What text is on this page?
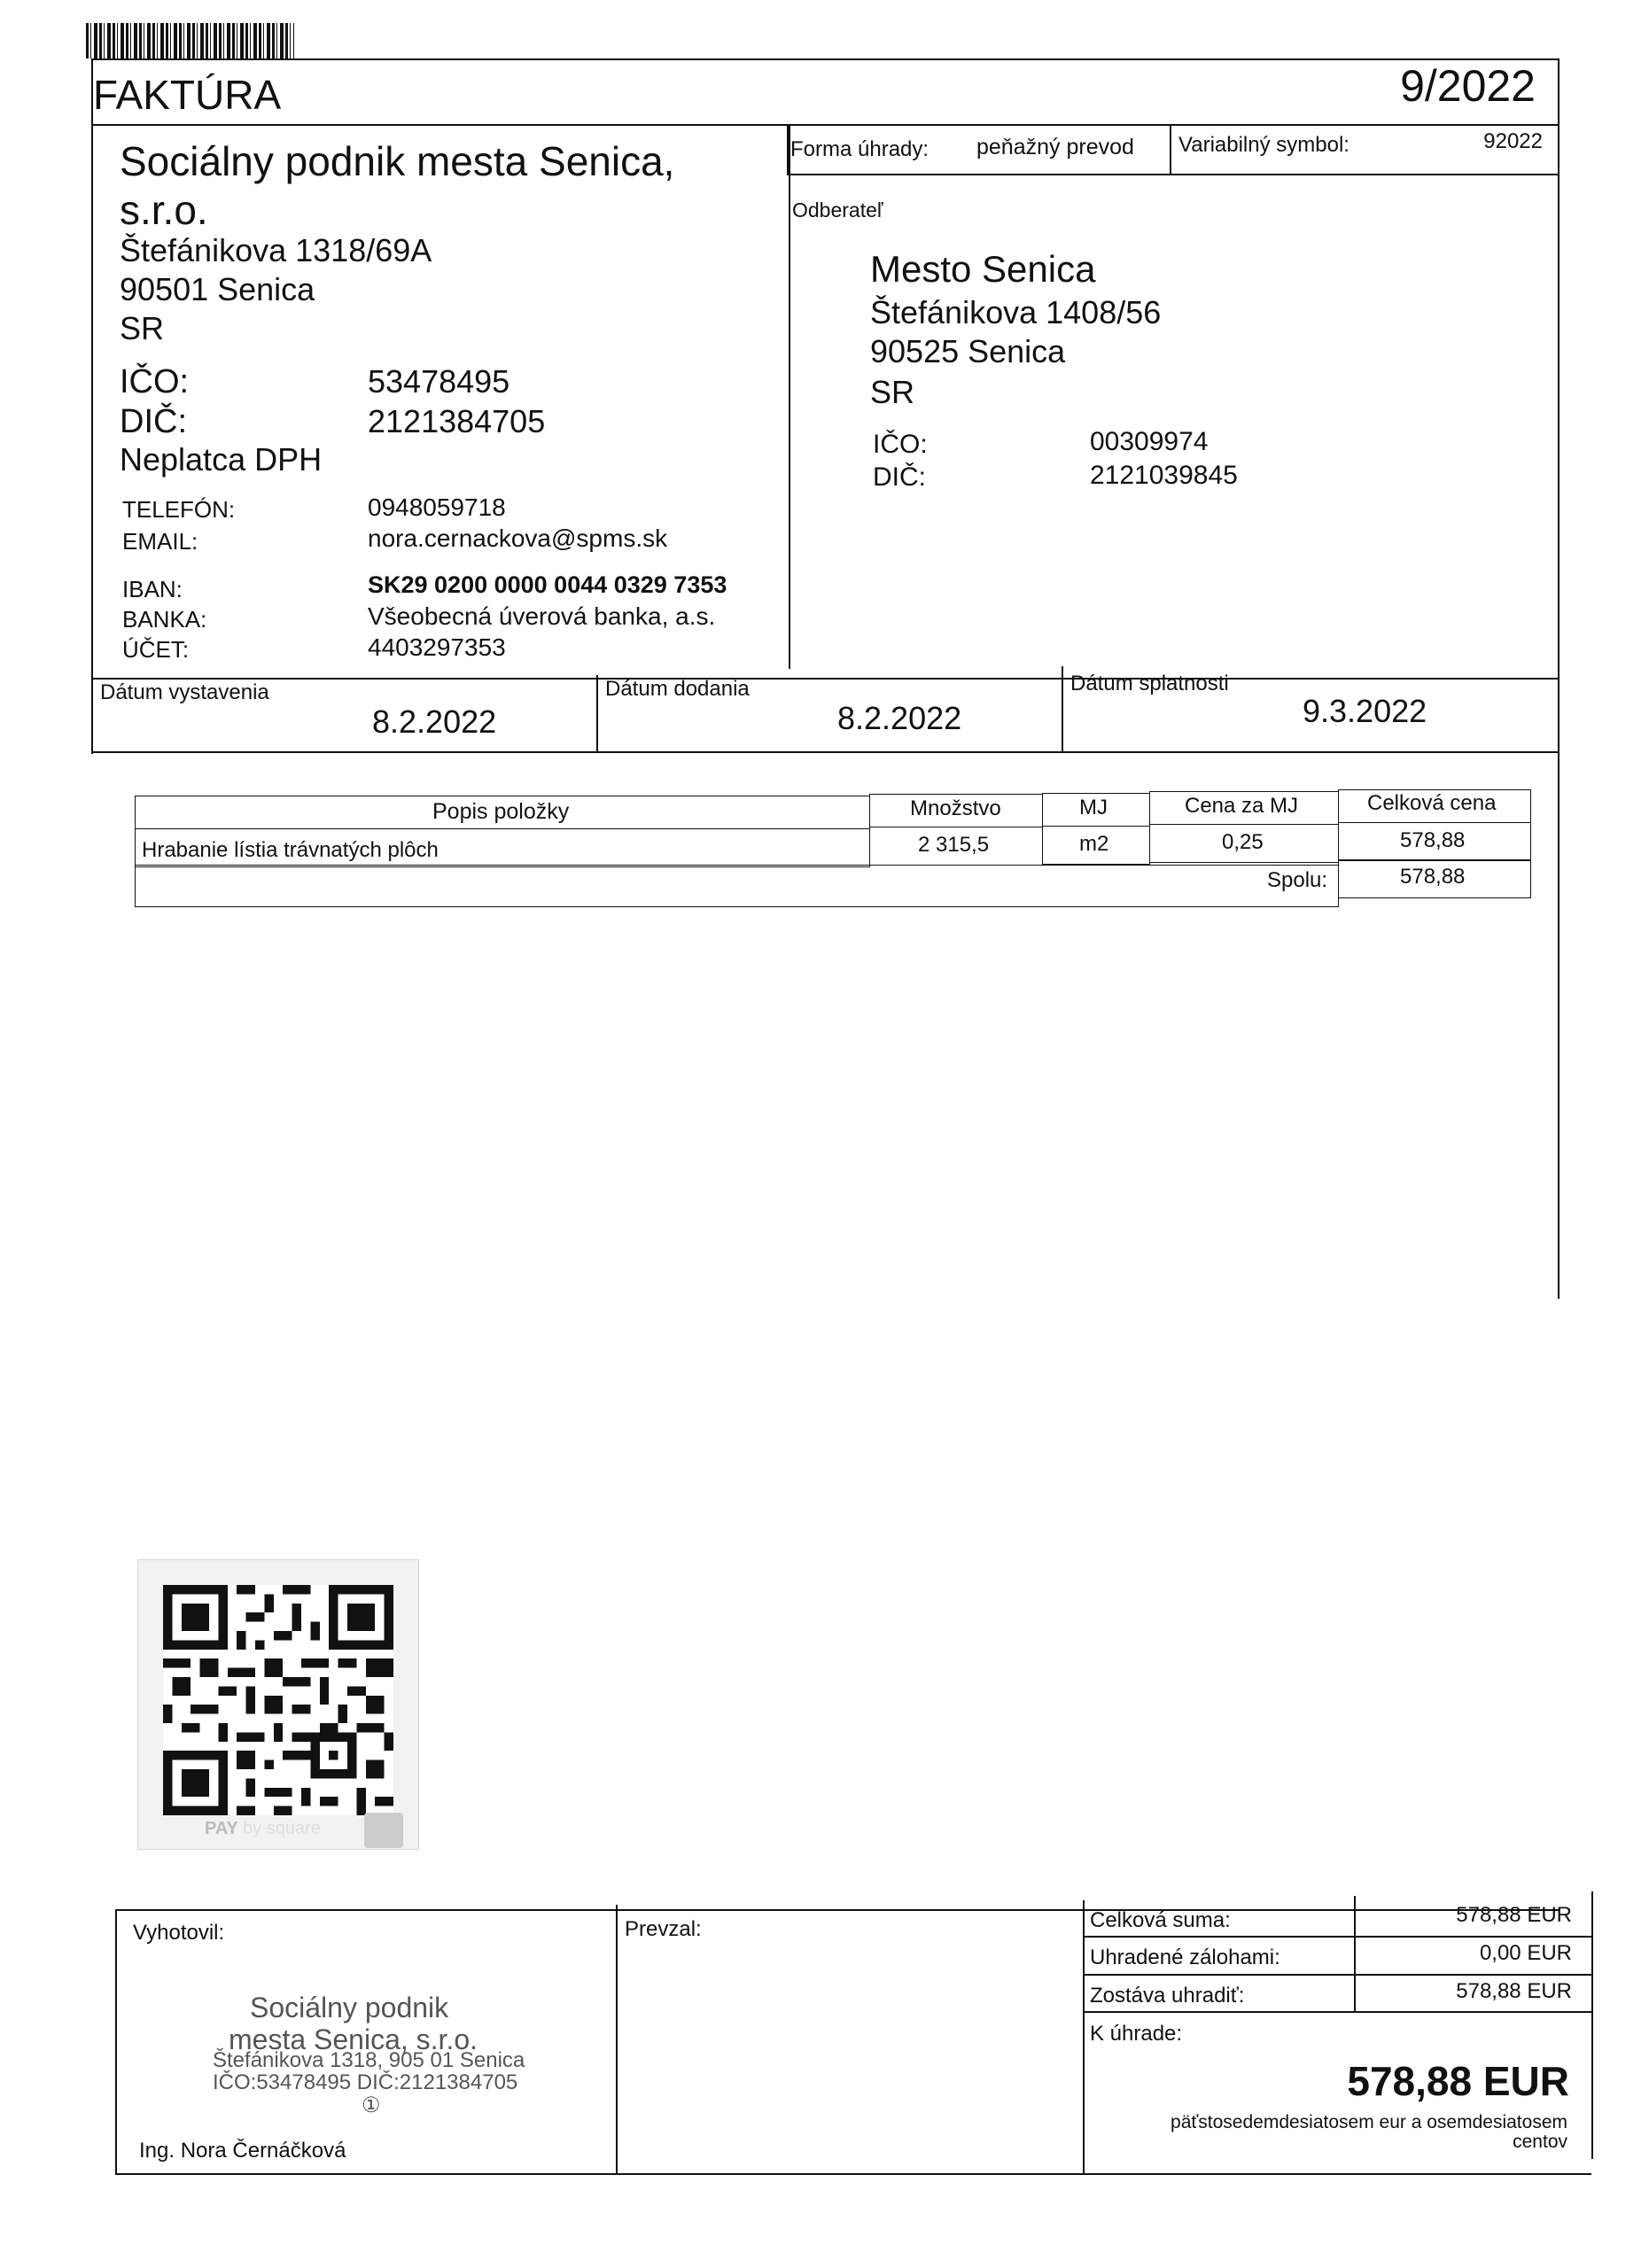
FAKTÚRA	9/2022
Sociálny podnik mesta Senica,
s.r.o.
Štefánikova 1318/69A
90501 Senica
SR
IČO:	53478495
DIČ:	2121384705
Neplatca DPH
TELEFÓN:	0948059718
EMAIL:	nora.cernackova@spms.sk
IBAN:	SK29 0200 0000 0044 0329 7353
BANKA:	Všeobecná úverová banka, a.s.
ÚČET:	4403297353
Forma úhrady: peňažný prevod Variabilný symbol:	92022
Odberateľ
Mesto Senica
Štefánikova 1408/56
90525 Senica
SR
IČO:	00309974
DIČ:	2121039845
Dátum vystavenia
8.2.2022
Dátum dodania
8.2.2022
Dátum splatnosti
9.3.2022
Popis položky	Množstvo	MJ	Cena za MJ	Celková cena
Hrabanie lístia trávnatých plôch	2 315,5	m2	0,25	578,88
Spolu:	578,88
PAY by square
Vyhotovil:	Prevzal:
Sociálny podnik
mesta Senica, s.r.o.
Štefánikova 1318, 905 01 Senica
IČO:53478495 DIČ:2121384705
①
Ing. Nora Černáčková
Celková suma:	578,88 EUR
Uhradené zálohami:	0,00 EUR
Zostáva uhradiť:	578,88 EUR
K úhrade:
578,88 EUR
päťstosedemdesiatosem eur a osemdesiatosem
centov
